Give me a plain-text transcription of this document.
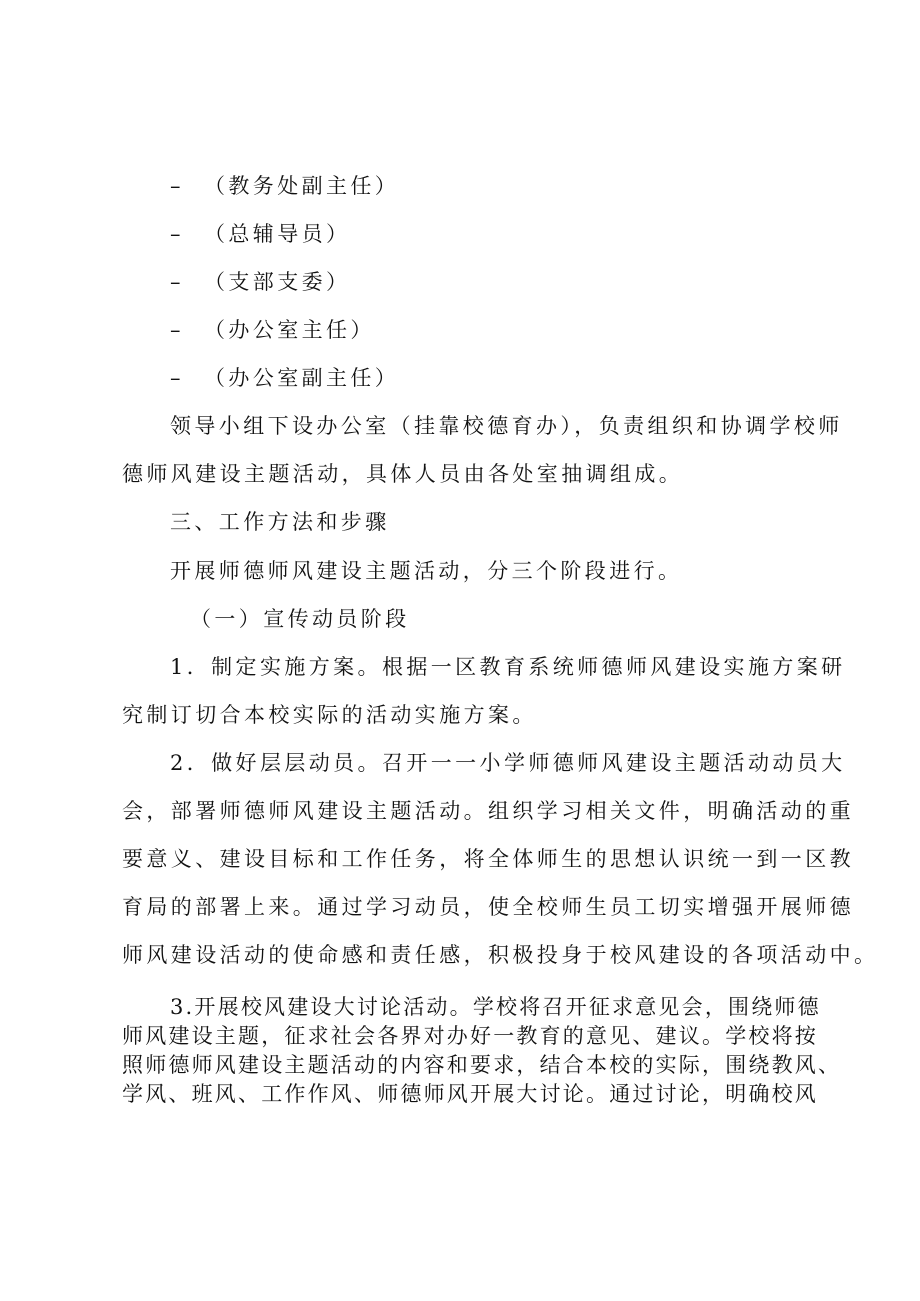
– （教务处副主任）
– （总辅导员）
– （支部支委）
– （办公室主任）
– （办公室副主任）
领导小组下设办公室（挂靠校德育办），负责组织和协调学校师
德师风建设主题活动，具体人员由各处室抽调组成。
三、工作方法和步骤
开展师德师风建设主题活动，分三个阶段进行。
（一）宣传动员阶段
1．制定实施方案。根据一区教育系统师德师风建设实施方案研
究制订切合本校实际的活动实施方案。
2．做好层层动员。召开一一小学师德师风建设主题活动动员大
会，部署师德师风建设主题活动。组织学习相关文件，明确活动的重
要意义、建设目标和工作任务，将全体师生的思想认识统一到一区教
育局的部署上来。通过学习动员，使全校师生员工切实增强开展师德
师风建设活动的使命感和责任感，积极投身于校风建设的各项活动中。
3.开展校风建设大讨论活动。学校将召开征求意见会，围绕师德
师风建设主题，征求社会各界对办好一教育的意见、建议。学校将按
照师德师风建设主题活动的内容和要求，结合本校的实际，围绕教风、
学风、班风、工作作风、师德师风开展大讨论。通过讨论，明确校风
